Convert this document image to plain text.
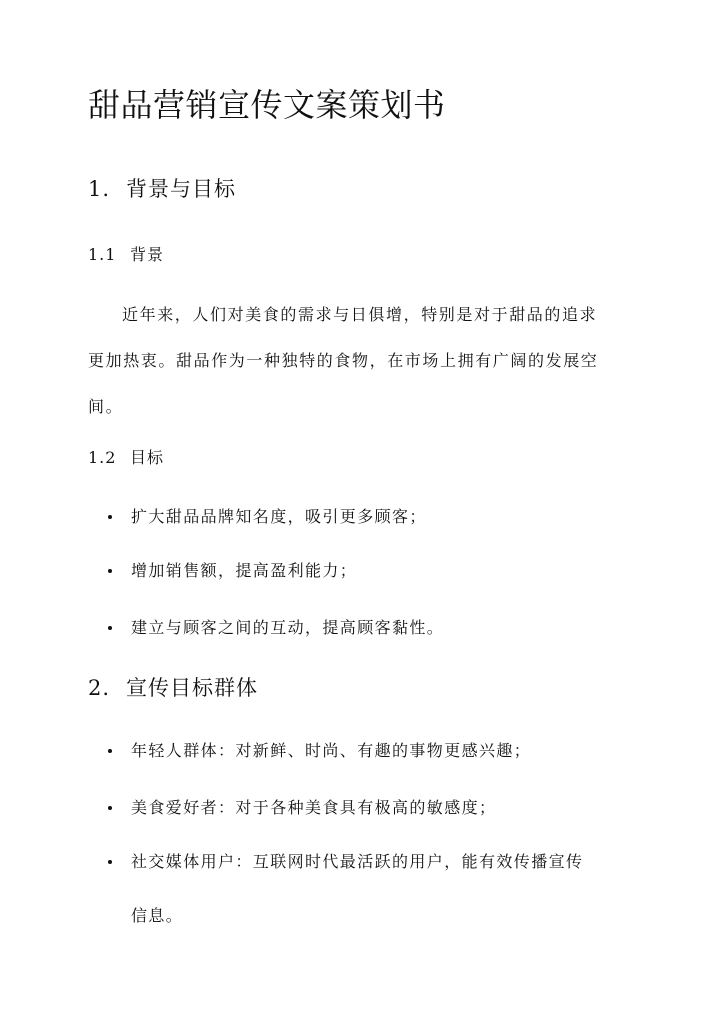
甜品营销宣传文案策划书
1. 背景与目标
1.1 背景

近年来，人们对美食的需求与日俱增，特别是对于甜品的追求
更加热衷。甜品作为一种独特的食物，在市场上拥有广阔的发展空
间。

1.2 目标
扩大甜品品牌知名度，吸引更多顾客；
增加销售额，提高盈利能力；
建立与顾客之间的互动，提高顾客黏性。
2. 宣传目标群体
年轻人群体：对新鲜、时尚、有趣的事物更感兴趣；
美食爱好者：对于各种美食具有极高的敏感度；
社交媒体用户：互联网时代最活跃的用户，能有效传播宣传
信息。
